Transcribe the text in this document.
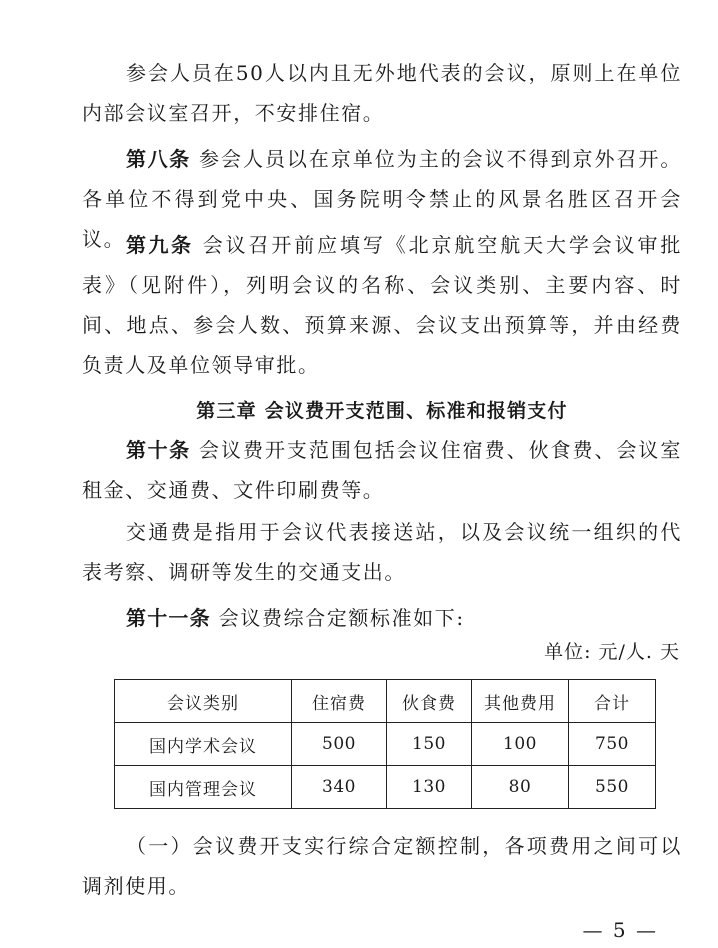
参会人员在50人以内且无外地代表的会议，原则上在单位内部会议室召开，不安排住宿。

第八条 参会人员以在京单位为主的会议不得到京外召开。各单位不得到党中央、国务院明令禁止的风景名胜区召开会议。 第九条 会议召开前应填写《北京航空航天大学会议审批表》（见附件），列明会议的名称、会议类别、主要内容、时间、地点、参会人数、预算来源、会议支出预算等，并由经费负责人及单位领导审批。

第三章 会议费开支范围、标准和报销支付

第十条 会议费开支范围包括会议住宿费、伙食费、会议室租金、交通费、文件印刷费等。

交通费是指用于会议代表接送站，以及会议统一组织的代表考察、调研等发生的交通支出。

第十一条 会议费综合定额标准如下:

单位: 元/人. 天

会议类别	住宿费	伙食费	其他费用	合计
国内学术会议	500	150	100	750
国内管理会议	340	130	80	550

（一）会议费开支实行综合定额控制，各项费用之间可以调剂使用。

— 5 —
